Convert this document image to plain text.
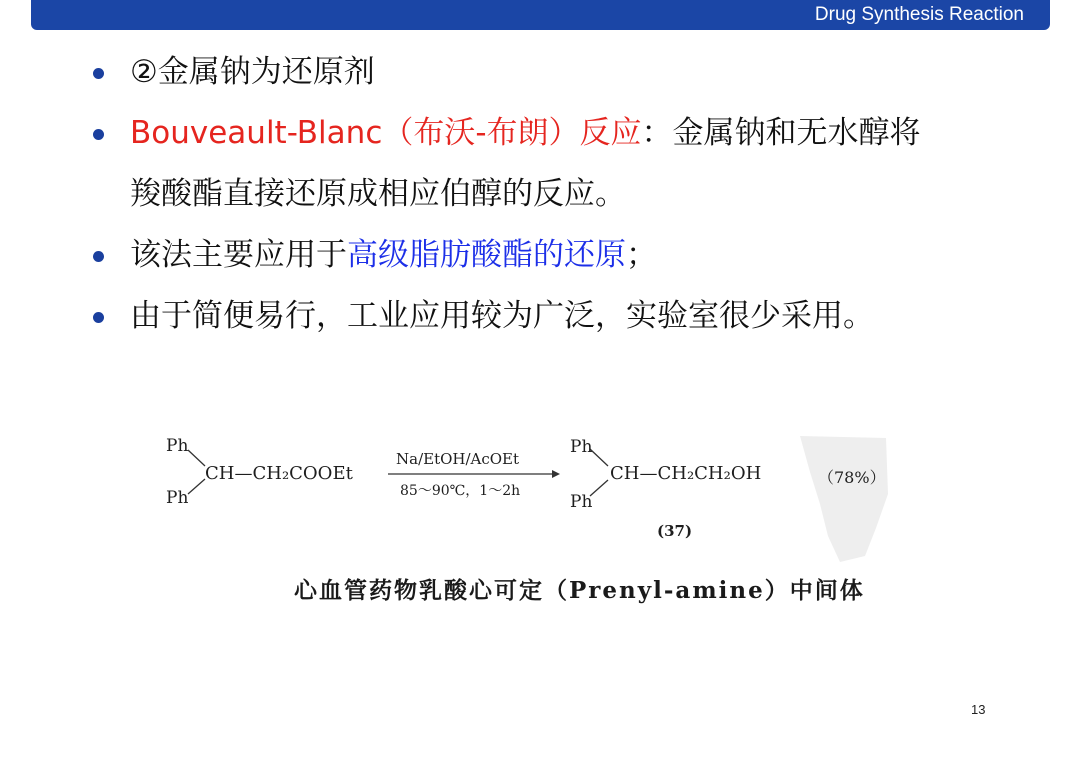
Drug Synthesis Reaction
②金属钠为还原剂
Bouveault-Blanc（布沃-布朗）反应：金属钠和无水醇将
羧酸酯直接还原成相应伯醇的反应。
该法主要应用于高级脂肪酸酯的还原；
由于简便易行，工业应用较为广泛，实验室很少采用。
Ph
Ph
CH—CH₂COOEt
Na/EtOH/AcOEt
85～90℃，1～2h
Ph
Ph
CH—CH₂CH₂OH	（78%）
(37)
心血管药物乳酸心可定（Prenyl-amine）中间体
13
